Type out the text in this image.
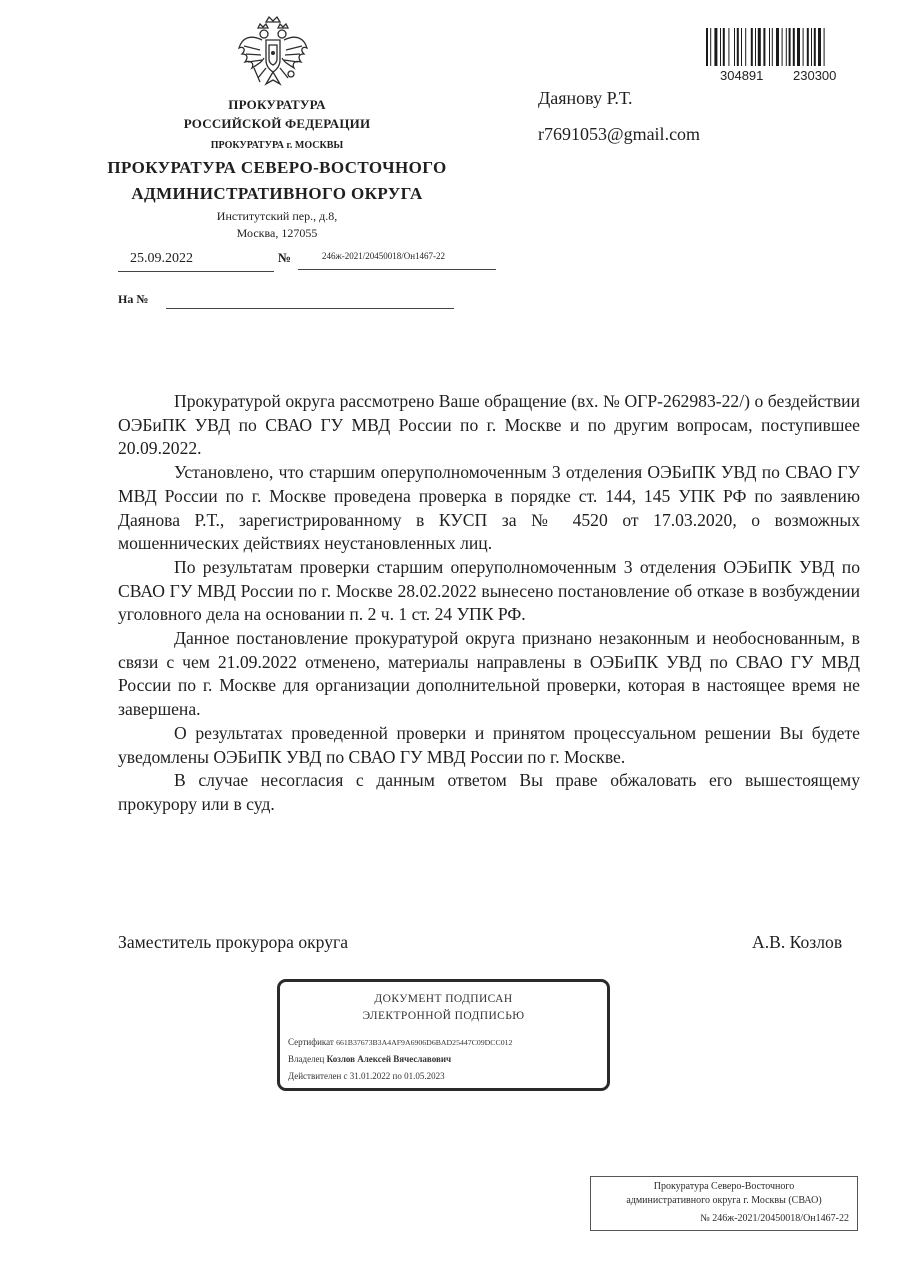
ПРОКУРАТУРА
РОССИЙСКОЙ ФЕДЕРАЦИИ
ПРОКУРАТУРА г. МОСКВЫ
ПРОКУРАТУРА СЕВЕРО-ВОСТОЧНОГО
АДМИНИСТРАТИВНОГО ОКРУГА
Институтский пер., д.8,
Москва, 127055
25.09.2022	№	246ж-2021/20450018/Он1467-22
На №
304891 230300
Даянову Р.Т.
r7691053@gmail.com

Прокуратурой округа рассмотрено Ваше обращение (вх. № ОГР-262983-22/) о бездействии ОЭБиПК УВД по СВАО ГУ МВД России по г. Москве и по другим вопросам, поступившее 20.09.2022.

Установлено, что старшим оперуполномоченным 3 отделения ОЭБиПК УВД по СВАО ГУ МВД России по г. Москве проведена проверка в порядке ст. 144, 145 УПК РФ по заявлению Даянова Р.Т., зарегистрированному в КУСП за № 4520 от 17.03.2020, о возможных мошеннических действиях неустановленных лиц.

По результатам проверки старшим оперуполномоченным 3 отделения ОЭБиПК УВД по СВАО ГУ МВД России по г. Москве 28.02.2022 вынесено постановление об отказе в возбуждении уголовного дела на основании п. 2 ч. 1 ст. 24 УПК РФ.

Данное постановление прокуратурой округа признано незаконным и необоснованным, в связи с чем 21.09.2022 отменено, материалы направлены в ОЭБиПК УВД по СВАО ГУ МВД России по г. Москве для организации дополнительной проверки, которая в настоящее время не завершена.

О результатах проведенной проверки и принятом процессуальном решении Вы будете уведомлены ОЭБиПК УВД по СВАО ГУ МВД России по г. Москве.

В случае несогласия с данным ответом Вы праве обжаловать его вышестоящему прокурору или в суд.

Заместитель прокурора округа	А.В. Козлов
ДОКУМЕНТ ПОДПИСАН
ЭЛЕКТРОННОЙ ПОДПИСЬЮ
Сертификат 661B37673B3A4AF9A6906D6BAD25447C09DCC012
Владелец Козлов Алексей Вячеславович
Действителен с 31.01.2022 по 01.05.2023
Прокуратура Северо-Восточного
административного округа г. Москвы (СВАО)
№ 246ж-2021/20450018/Он1467-22
